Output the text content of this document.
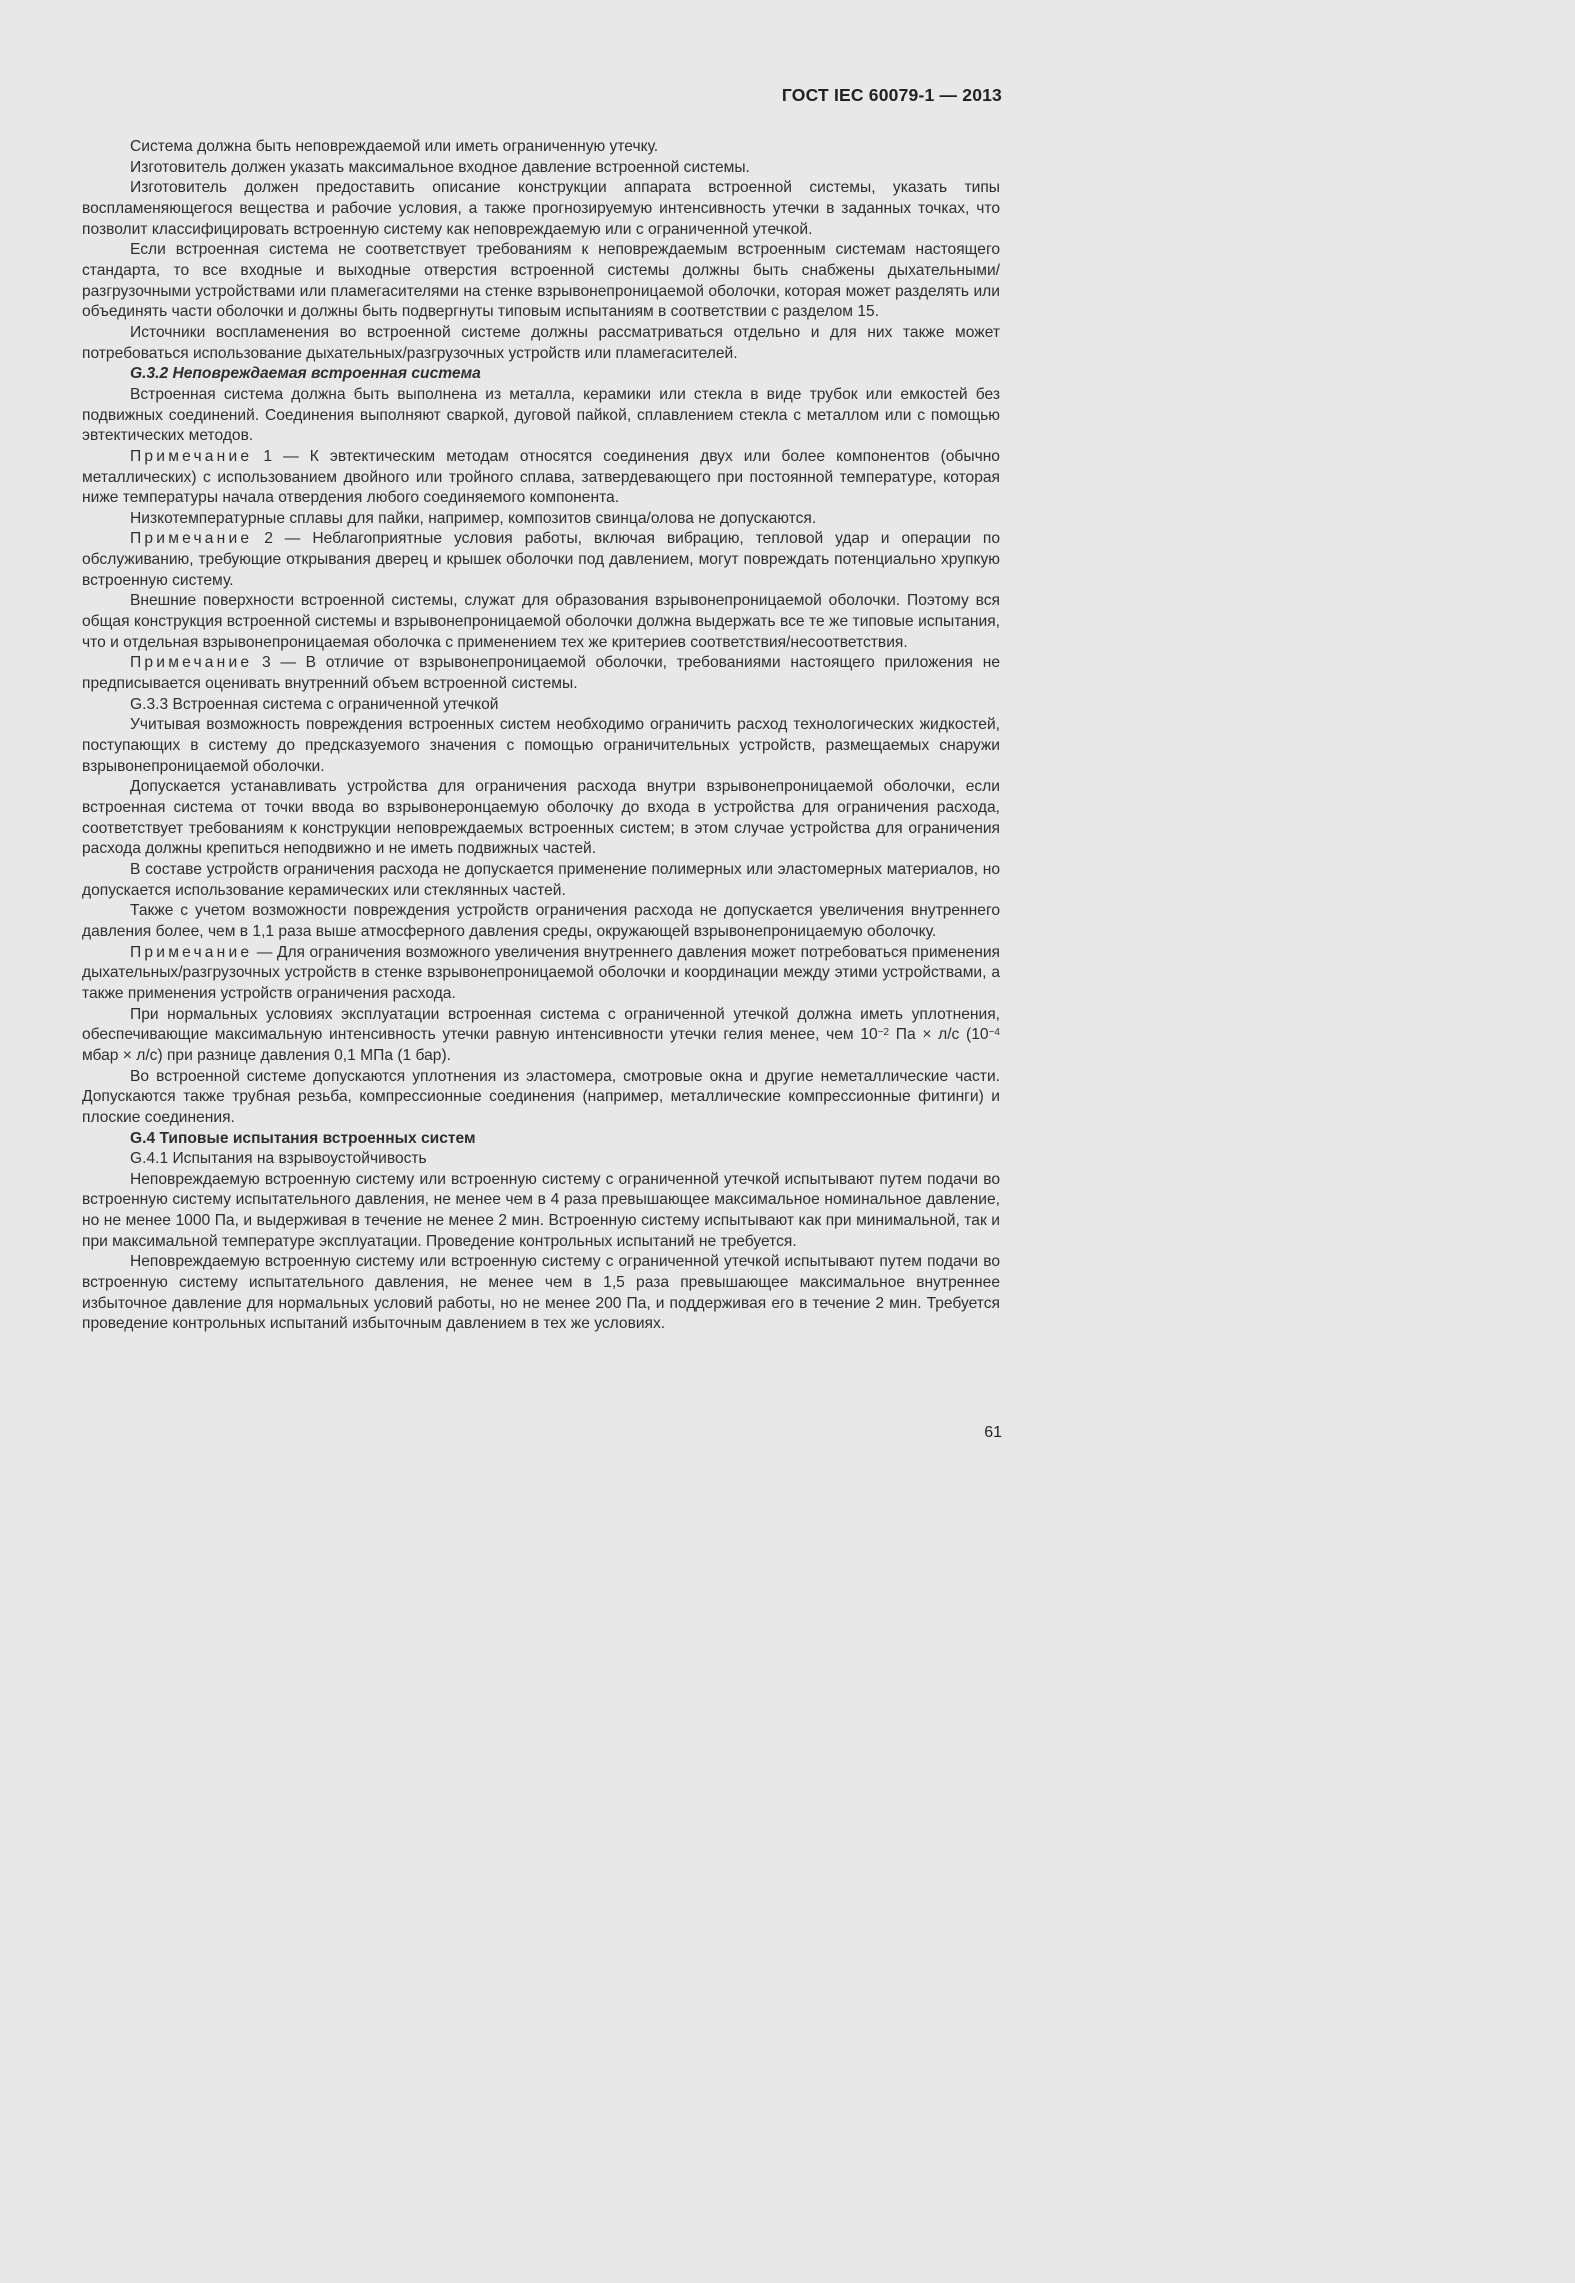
ГОСТ IEC 60079-1 — 2013

Система должна быть неповреждаемой или иметь ограниченную утечку.

Изготовитель должен указать максимальное входное давление встроенной системы.

Изготовитель должен предоставить описание конструкции аппарата встроенной системы, указать типы воспламеняющегося вещества и рабочие условия, а также прогнозируемую интенсивность утечки в заданных точках, что позволит классифицировать встроенную систему как неповреждаемую или с ограниченной утечкой.

Если встроенная система не соответствует требованиям к неповреждаемым встроенным системам настоящего стандарта, то все входные и выходные отверстия встроенной системы должны быть снабжены дыхательными/разгрузочными устройствами или пламегасителями на стенке взрывонепроницаемой оболочки, которая может разделять или объединять части оболочки и должны быть подвергнуты типовым испытаниям в соответствии с разделом 15.

Источники воспламенения во встроенной системе должны рассматриваться отдельно и для них также может потребоваться использование дыхательных/разгрузочных устройств или пламегасителей.

G.3.2 Неповреждаемая встроенная система

Встроенная система должна быть выполнена из металла, керамики или стекла в виде трубок или емкостей без подвижных соединений. Соединения выполняют сваркой, дуговой пайкой, сплавлением стекла с металлом или с помощью эвтектических методов.

Примечание 1 — К эвтектическим методам относятся соединения двух или более компонентов (обычно металлических) с использованием двойного или тройного сплава, затвердевающего при постоянной температуре, которая ниже температуры начала отвердения любого соединяемого компонента.

Низкотемпературные сплавы для пайки, например, композитов свинца/олова не допускаются.

Примечание 2 — Неблагоприятные условия работы, включая вибрацию, тепловой удар и операции по обслуживанию, требующие открывания дверец и крышек оболочки под давлением, могут повреждать потенциально хрупкую встроенную систему.

Внешние поверхности встроенной системы, служат для образования взрывонепроницаемой оболочки. Поэтому вся общая конструкция встроенной системы и взрывонепроницаемой оболочки должна выдержать все те же типовые испытания, что и отдельная взрывонепроницаемая оболочка с применением тех же критериев соответствия/несоответствия.

Примечание 3 — В отличие от взрывонепроницаемой оболочки, требованиями настоящего приложения не предписывается оценивать внутренний объем встроенной системы.

G.3.3 Встроенная система с ограниченной утечкой

Учитывая возможность повреждения встроенных систем необходимо ограничить расход технологических жидкостей, поступающих в систему до предсказуемого значения с помощью ограничительных устройств, размещаемых снаружи взрывонепроницаемой оболочки.

Допускается устанавливать устройства для ограничения расхода внутри взрывонепроницаемой оболочки, если встроенная система от точки ввода во взрывонеронцаемую оболочку до входа в устройства для ограничения расхода, соответствует требованиям к конструкции неповреждаемых встроенных систем; в этом случае устройства для ограничения расхода должны крепиться неподвижно и не иметь подвижных частей.

В составе устройств ограничения расхода не допускается применение полимерных или эластомерных материалов, но допускается использование керамических или стеклянных частей.

Также с учетом возможности повреждения устройств ограничения расхода не допускается увеличения внутреннего давления более, чем в 1,1 раза выше атмосферного давления среды, окружающей взрывонепроницаемую оболочку.

Примечание — Для ограничения возможного увеличения внутреннего давления может потребоваться применения дыхательных/разгрузочных устройств в стенке взрывонепроницаемой оболочки и координации между этими устройствами, а также применения устройств ограничения расхода.

При нормальных условиях эксплуатации встроенная система с ограниченной утечкой должна иметь уплотнения, обеспечивающие максимальную интенсивность утечки равную интенсивности утечки гелия менее, чем $10^{-2}$ Па × л/с ($10^{-4}$ мбар × л/с) при разнице давления 0,1 МПа (1 бар).

Во встроенной системе допускаются уплотнения из эластомера, смотровые окна и другие неметаллические части. Допускаются также трубная резьба, компрессионные соединения (например, металлические компрессионные фитинги) и плоские соединения.

G.4 Типовые испытания встроенных систем

G.4.1 Испытания на взрывоустойчивость

Неповреждаемую встроенную систему или встроенную систему с ограниченной утечкой испытывают путем подачи во встроенную систему испытательного давления, не менее чем в 4 раза превышающее максимальное номинальное давление, но не менее 1000 Па, и выдерживая в течение не менее 2 мин. Встроенную систему испытывают как при минимальной, так и при максимальной температуре эксплуатации. Проведение контрольных испытаний не требуется.

Неповреждаемую встроенную систему или встроенную систему с ограниченной утечкой испытывают путем подачи во встроенную систему испытательного давления, не менее чем в 1,5 раза превышающее максимальное внутреннее избыточное давление для нормальных условий работы, но не менее 200 Па, и поддерживая его в течение 2 мин. Требуется проведение контрольных испытаний избыточным давлением в тех же условиях.

61
